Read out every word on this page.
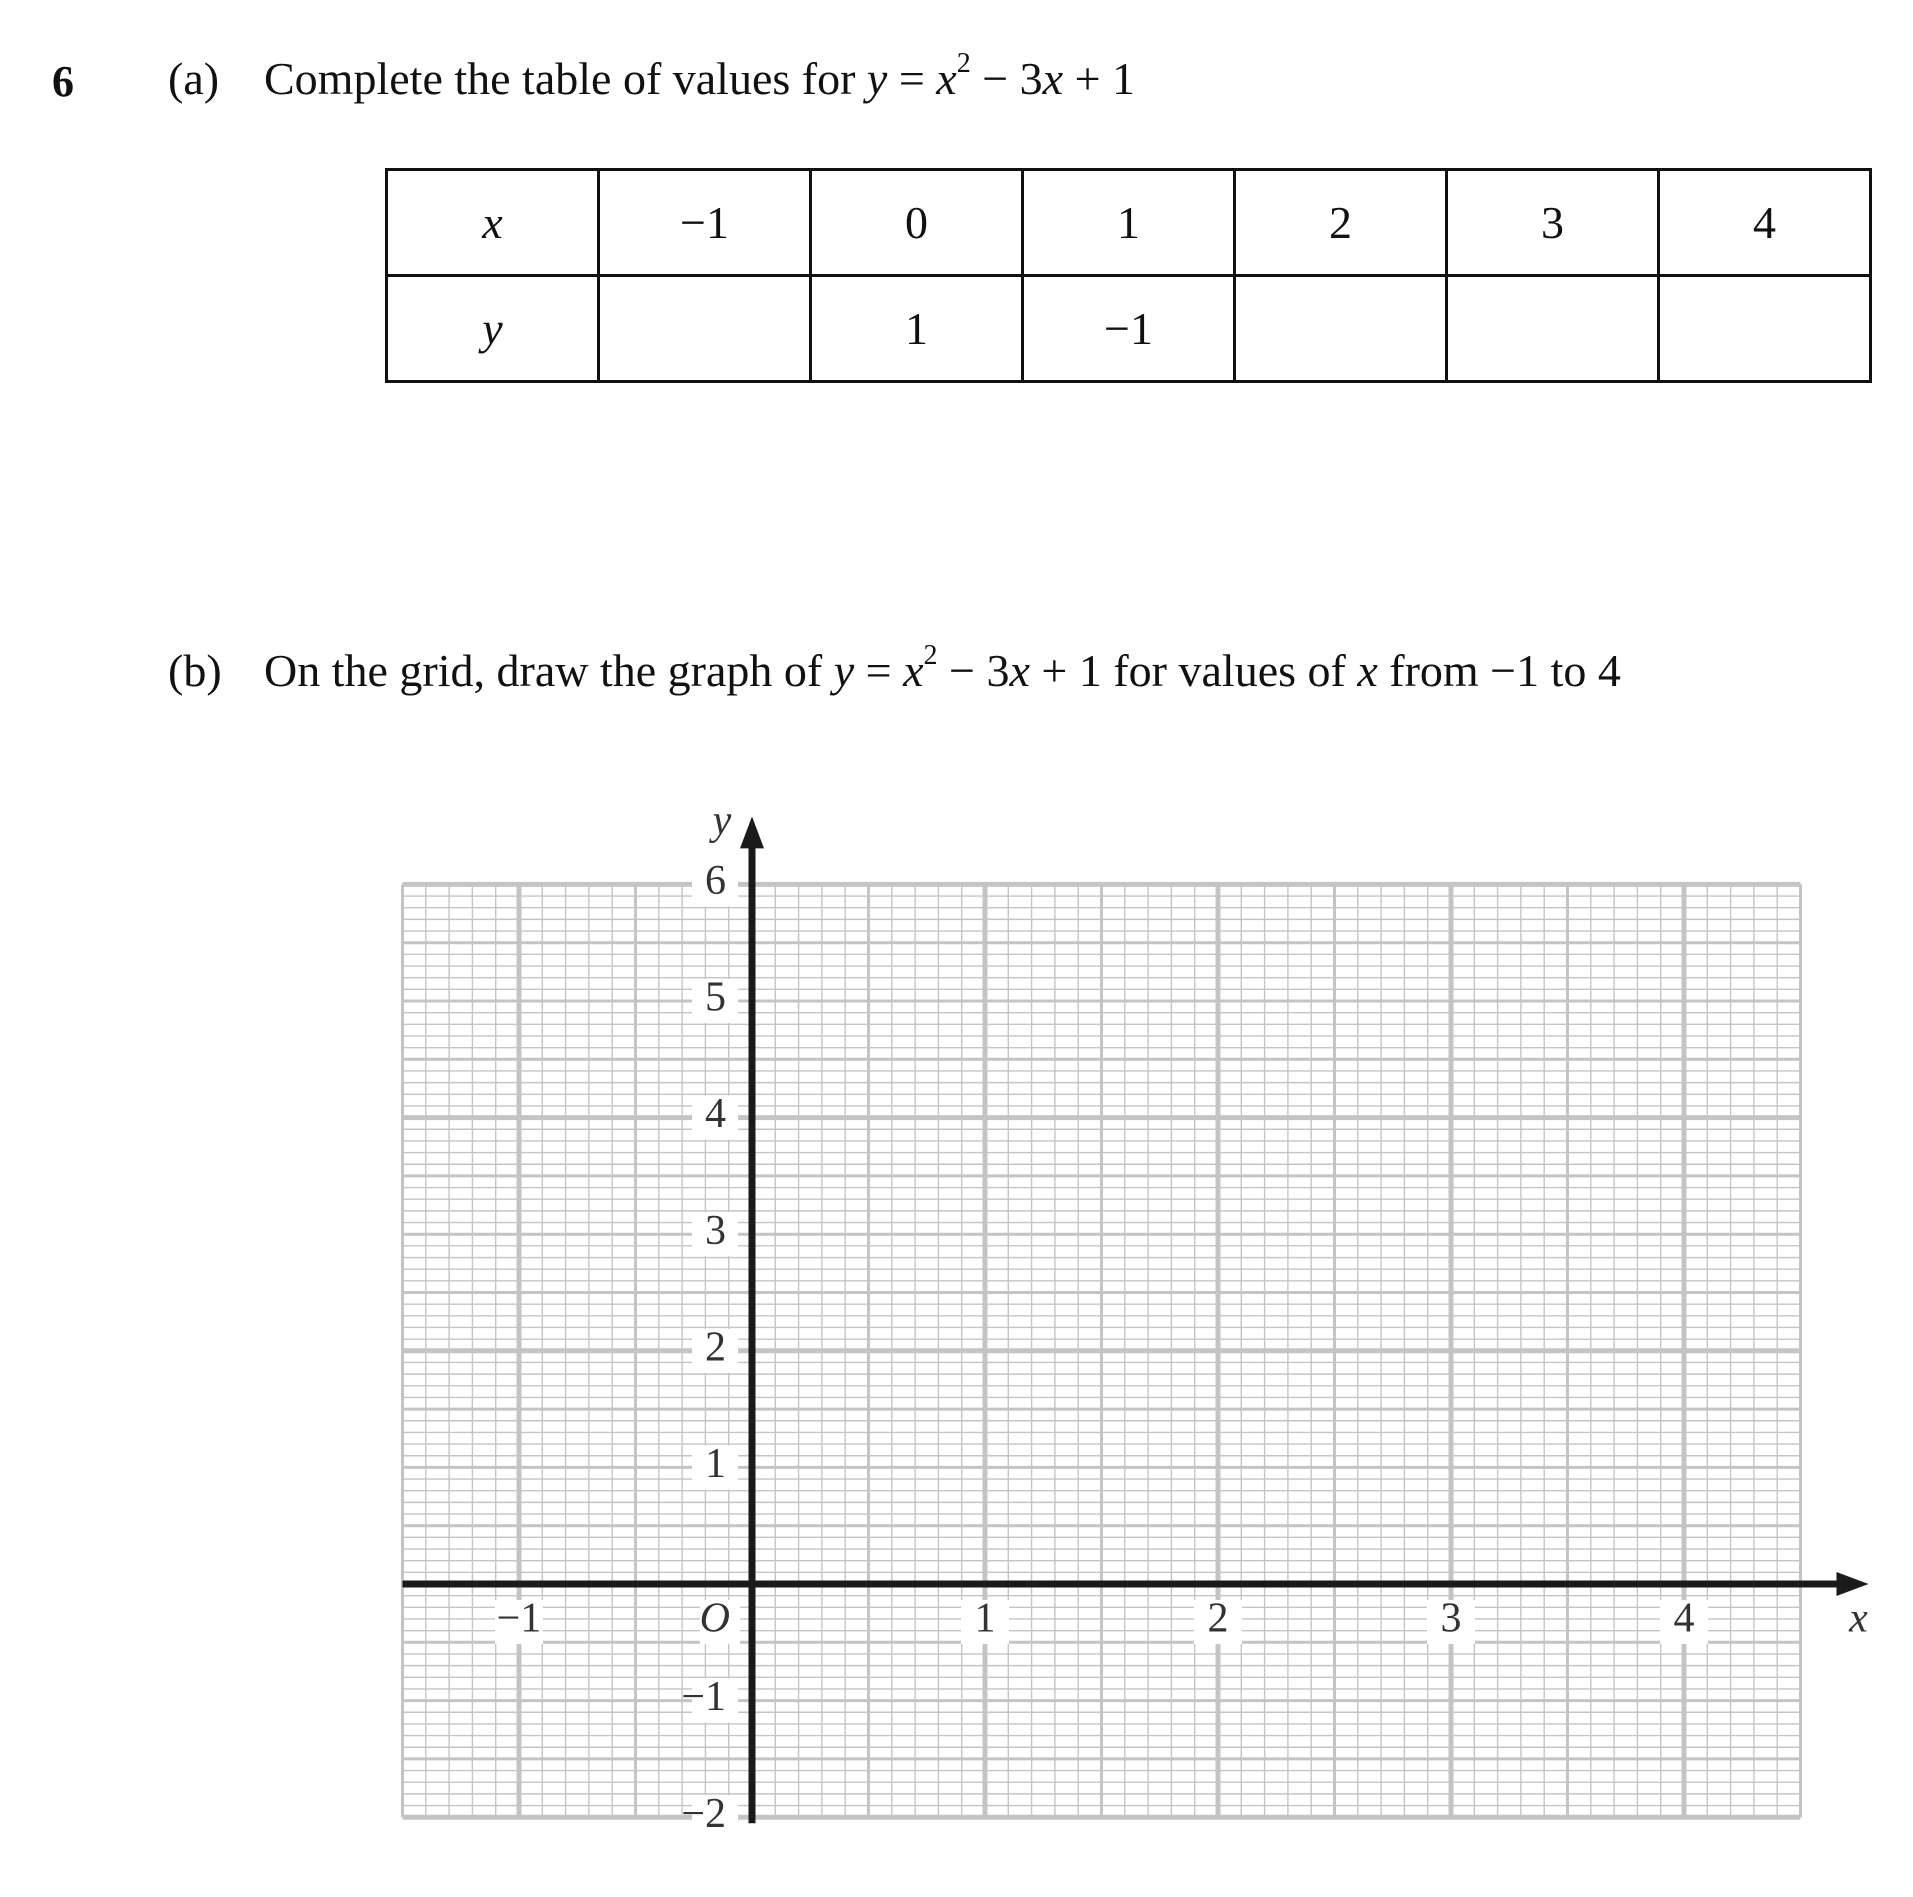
6 (a) Complete the table of values for $y = x^2 - 3x + 1$
x	−1	0	1	2	3	4
y		1	−1			
(b) On the grid, draw the graph of $y = x^2 - 3x + 1$ for values of x from −1 to 4
−1	1	2	3	4
6
5
4
3
2
1
−1
−2
O	x
y
